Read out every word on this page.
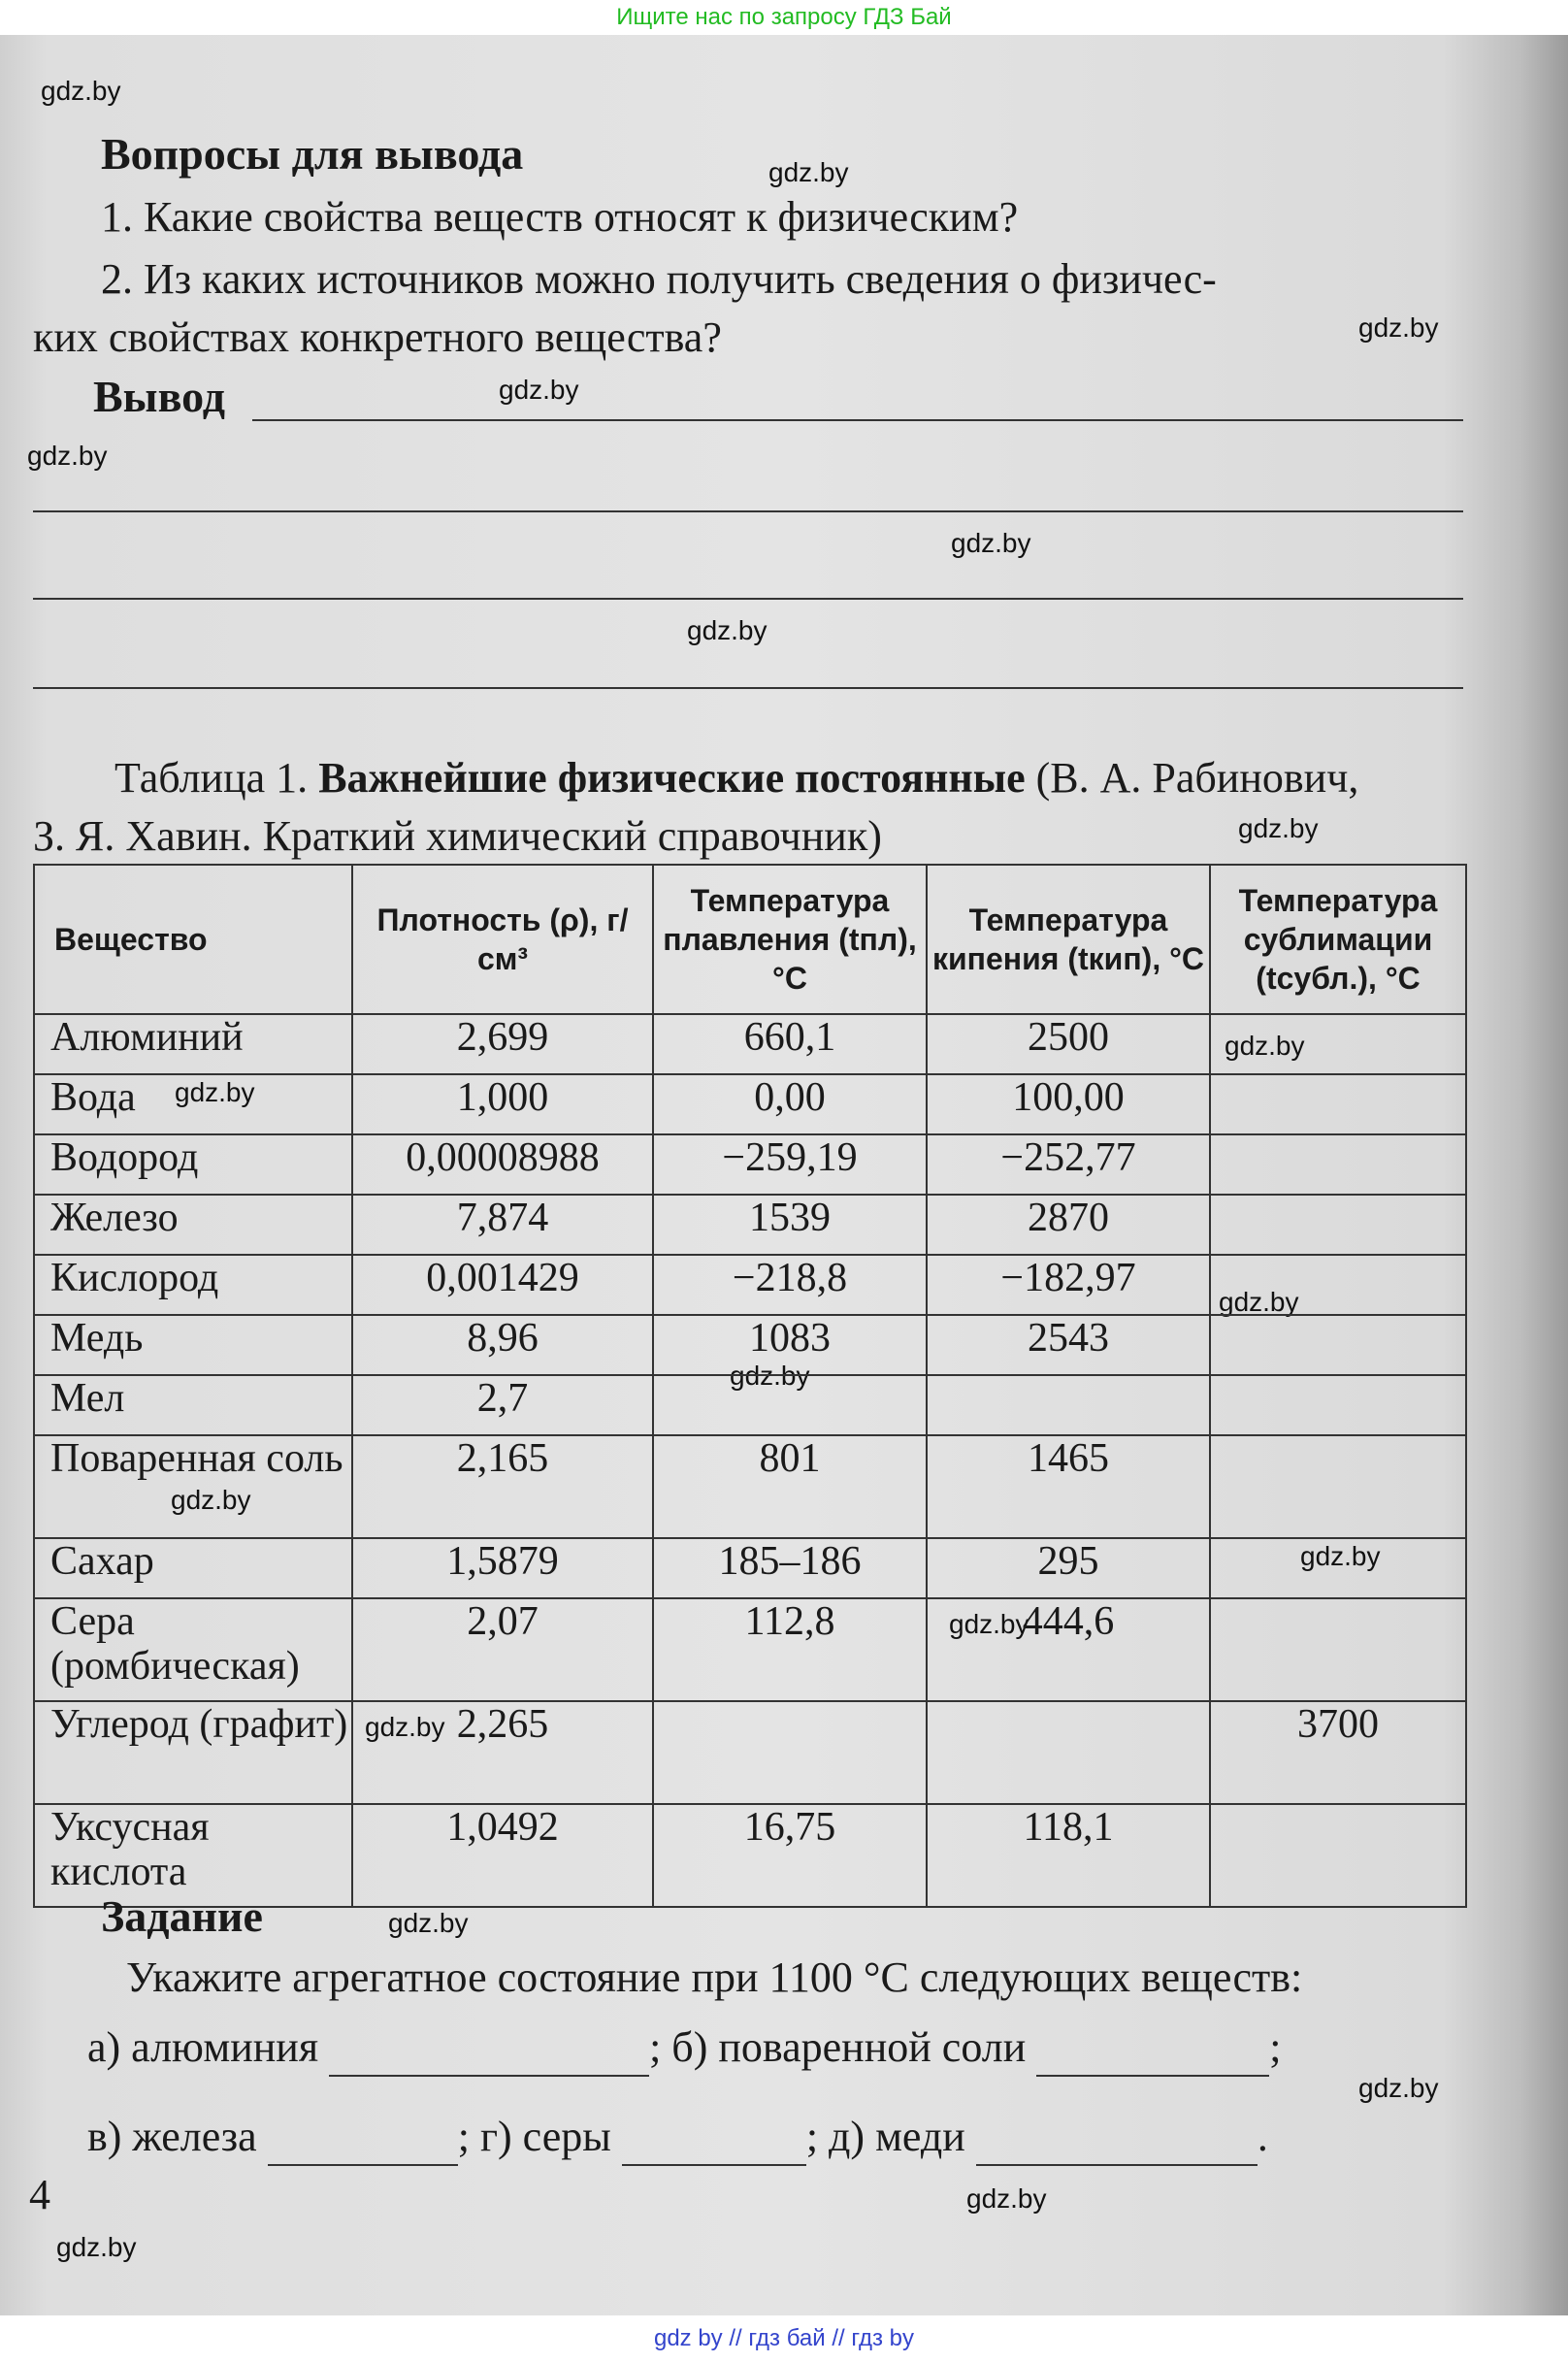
Ищите нас по запросу ГДЗ Бай
gdz.by
gdz.by
gdz.by
gdz.by
gdz.by
gdz.by
gdz.by
gdz.by
gdz.by
gdz.by
gdz.by
gdz.by
gdz.by
gdz.by
gdz.by
gdz.by
gdz.by
gdz.by
gdz.by
gdz.by
Вопросы для вывода
1. Какие свойства веществ относят к физическим?
2. Из каких источников можно получить сведения о физичес-
ких свойствах конкретного вещества?
Вывод
Таблица 1. Важнейшие физические постоянные (В. А. Рабинович,
З. Я. Хавин. Краткий химический справочник)
Вещество	Плотность (ρ), г/см³	Температура плавления (tпл), °С	Температура кипения (tкип), °С	Температура сублимации (tсубл.), °С
Алюминий	2,699	660,1	2500	
Вода	1,000	0,00	100,00	
Водород	0,00008988	−259,19	−252,77	
Железо	7,874	1539	2870	
Кислород	0,001429	−218,8	−182,97	
Медь	8,96	1083	2543	
Мел	2,7			
Поваренная соль	2,165	801	1465	
Сахар	1,5879	185–186	295	
Сера (ромбическая)	2,07	112,8	444,6	
Углерод (графит)	2,265			3700
Уксусная кислота	1,0492	16,75	118,1	
Задание
Укажите агрегатное состояние при 1100 °С следующих веществ:
а) алюминия	; б) поваренной соли	;
в) железа	; г) серы	; д) меди	.
4
gdz by // гдз бай // гдз by
